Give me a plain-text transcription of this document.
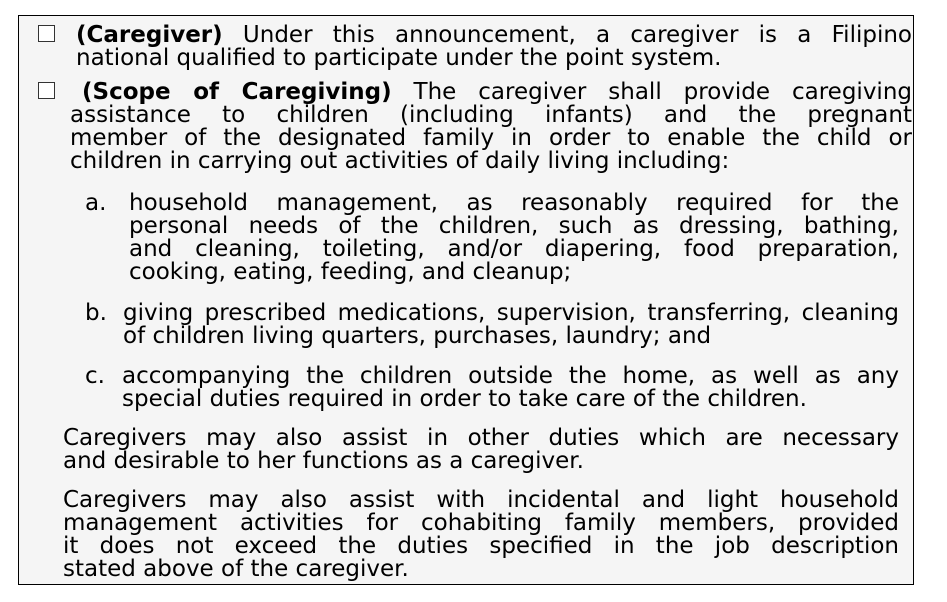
(Caregiver) Under this announcement, a caregiver is a Filipino
national qualified to participate under the point system.
(Scope of Caregiving) The caregiver shall provide caregiving
assistance to children (including infants) and the pregnant
member of the designated family in order to enable the child or
children in carrying out activities of daily living including:
a. household management, as reasonably required for the
personal needs of the children, such as dressing, bathing,
and cleaning, toileting, and/or diapering, food preparation,
cooking, eating, feeding, and cleanup;
b. giving prescribed medications, supervision, transferring, cleaning
of children living quarters, purchases, laundry; and
c. accompanying the children outside the home, as well as any
special duties required in order to take care of the children.
Caregivers may also assist in other duties which are necessary
and desirable to her functions as a caregiver.
Caregivers may also assist with incidental and light household
management activities for cohabiting family members, provided
it does not exceed the duties specified in the job description
stated above of the caregiver.
